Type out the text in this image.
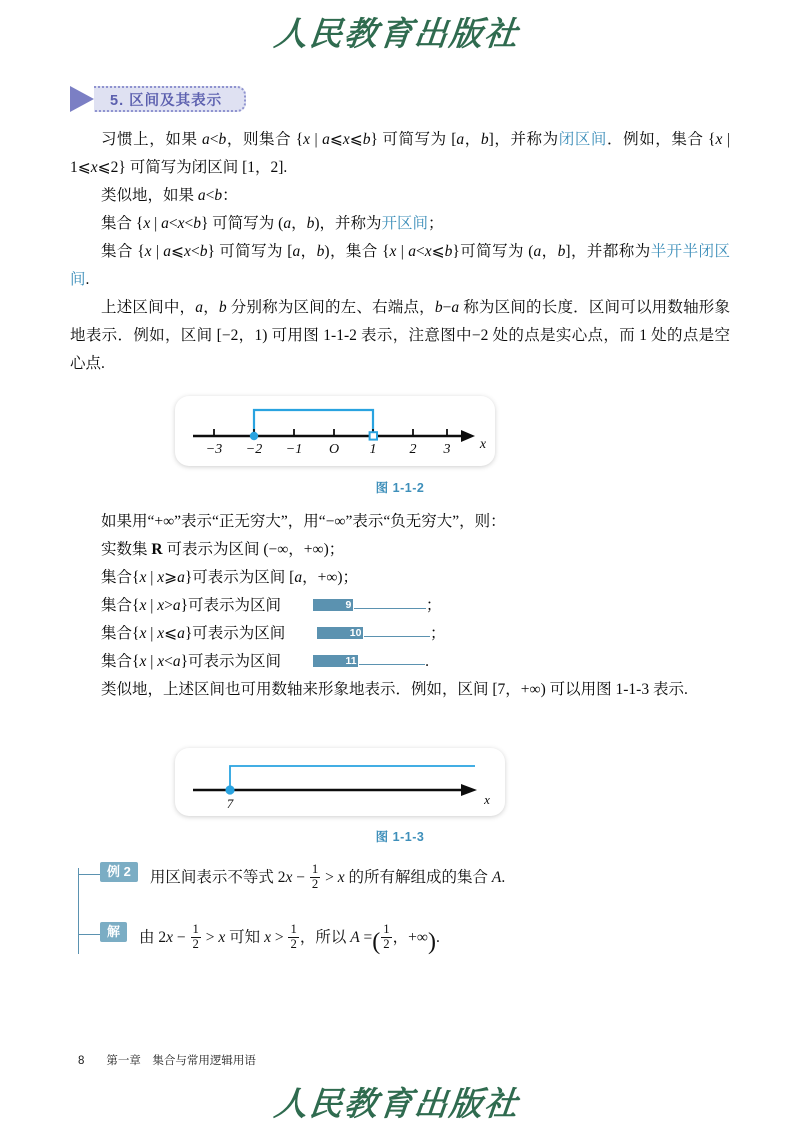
人民教育出版社
5. 区间及其表示

习惯上，如果 a<b，则集合 {x | a⩽x⩽b} 可简写为 [a，b]，并称为闭区间．例如，集合 {x | 1⩽x⩽2} 可简写为闭区间 [1，2].

类似地，如果 a<b：

集合 {x | a<x<b} 可简写为 (a，b)，并称为开区间；

集合 {x | a⩽x<b} 可简写为 [a，b)，集合 {x | a<x⩽b}可简写为 (a，b]，并都称为半开半闭区间.

上述区间中，a，b 分别称为区间的左、右端点，b−a 称为区间的长度．区间可以用数轴形象地表示．例如，区间 [−2，1) 可用图 1-1-2 表示，注意图中−2 处的点是实心点，而 1 处的点是空心点.

−3 −2 −1 O 1 2 3 x
图 1-1-2

如果用“+∞”表示“正无穷大”，用“−∞”表示“负无穷大”，则：

实数集 R 可表示为区间 (−∞，+∞)；

集合{x | x⩾a}可表示为区间 [a，+∞)；

集合{x | x>a}可表示为区间	9	；

集合{x | x⩽a}可表示为区间	10	；

集合{x | x<a}可表示为区间	11	.

类似地，上述区间也可用数轴来形象地表示．例如，区间 [7，+∞) 可以用图 1-1-3 表示.

7	x
图 1-1-3
例 2	用区间表示不等式 $2x - \frac{1}{2} > x$ 的所有解组成的集合 A.
解	由 $2x - \frac{1}{2} > x$ 可知 $x > \frac{1}{2}$ ，所以 A =( $\frac{1}{2}$ ，+∞).
8 第一章　集合与常用逻辑用语
人民教育出版社
